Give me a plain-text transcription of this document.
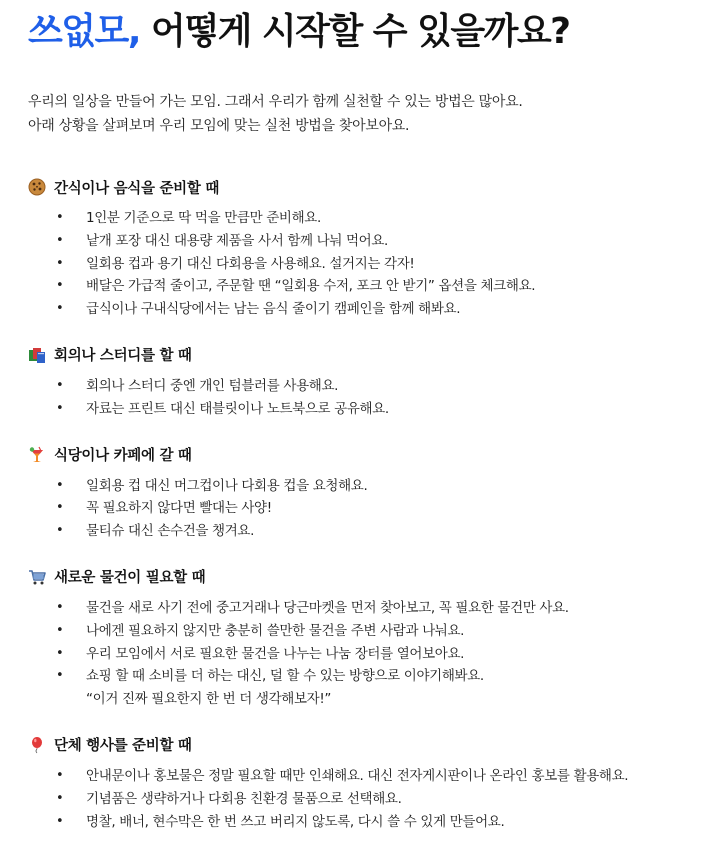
쓰없모, 어떻게 시작할 수 있을까요?

우리의 일상을 만들어 가는 모임. 그래서 우리가 함께 실천할 수 있는 방법은 많아요.

아래 상황을 살펴보며 우리 모임에 맞는 실천 방법을 찾아보아요.

간식이나 음식을 준비할 때
• 1인분 기준으로 딱 먹을 만큼만 준비해요.
• 낱개 포장 대신 대용량 제품을 사서 함께 나눠 먹어요.
• 일회용 컵과 용기 대신 다회용을 사용해요. 설거지는 각자!
• 배달은 가급적 줄이고, 주문할 땐 “일회용 수저, 포크 안 받기” 옵션을 체크해요.
• 급식이나 구내식당에서는 남는 음식 줄이기 캠페인을 함께 해봐요.
회의나 스터디를 할 때
• 회의나 스터디 중엔 개인 텀블러를 사용해요.
• 자료는 프린트 대신 태블릿이나 노트북으로 공유해요.
식당이나 카페에 갈 때
• 일회용 컵 대신 머그컵이나 다회용 컵을 요청해요.
• 꼭 필요하지 않다면 빨대는 사양!
• 물티슈 대신 손수건을 챙겨요.
새로운 물건이 필요할 때
• 물건을 새로 사기 전에 중고거래나 당근마켓을 먼저 찾아보고, 꼭 필요한 물건만 사요.
• 나에겐 필요하지 않지만 충분히 쓸만한 물건을 주변 사람과 나눠요.
• 우리 모임에서 서로 필요한 물건을 나누는 나눔 장터를 열어보아요.
• 쇼핑 할 때 소비를 더 하는 대신, 덜 할 수 있는 방향으로 이야기해봐요.
“이거 진짜 필요한지 한 번 더 생각해보자!”
단체 행사를 준비할 때
• 안내문이나 홍보물은 정말 필요할 때만 인쇄해요. 대신 전자게시판이나 온라인 홍보를 활용해요.
• 기념품은 생략하거나 다회용 친환경 물품으로 선택해요.
• 명찰, 배너, 현수막은 한 번 쓰고 버리지 않도록, 다시 쓸 수 있게 만들어요.
